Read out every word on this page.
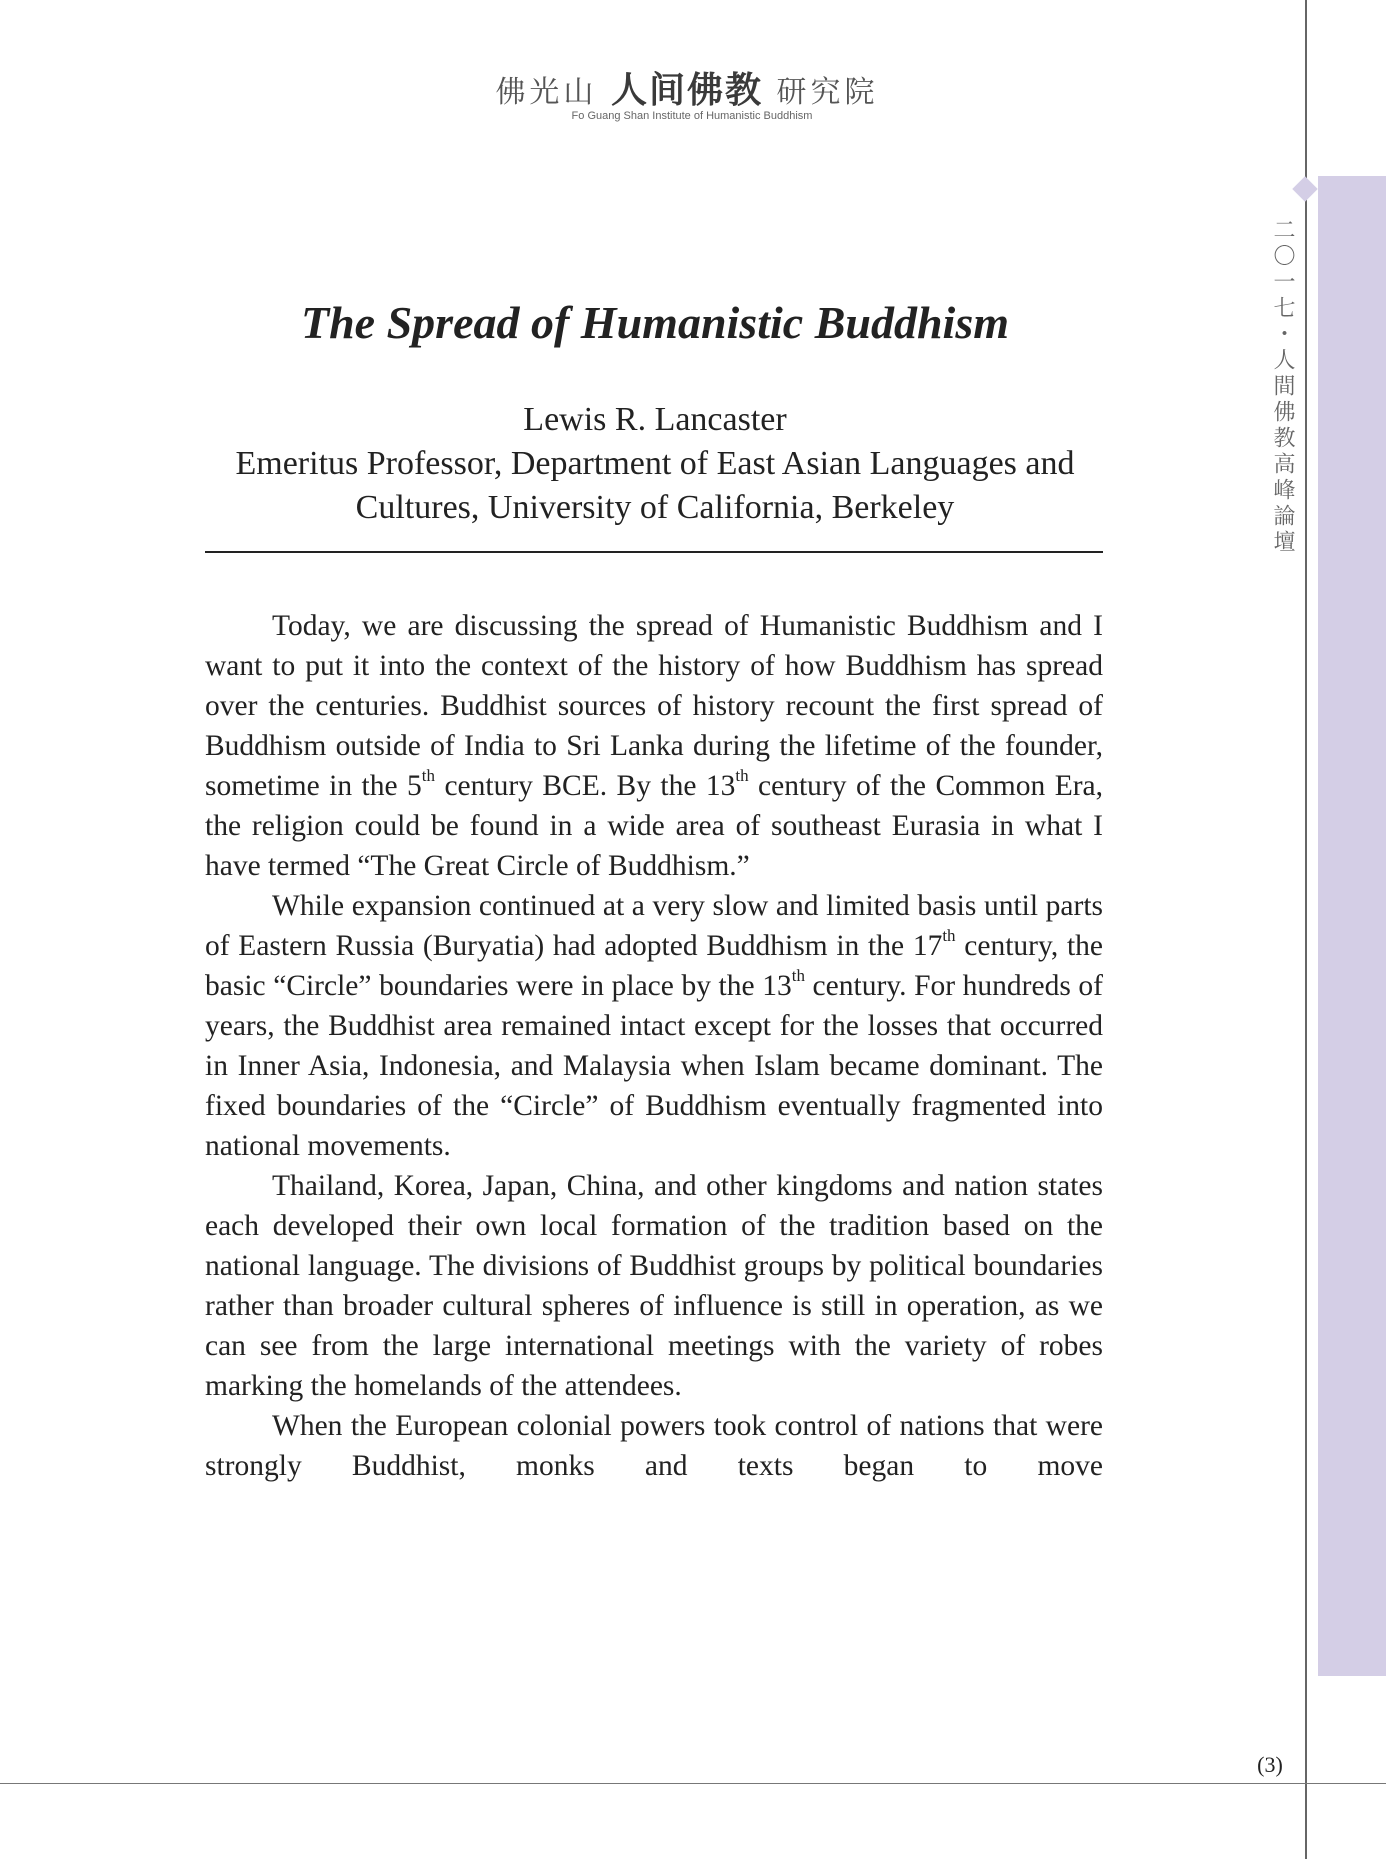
佛光山 人间佛教 研究院
Fo Guang Shan Institute of Humanistic Buddhism
二〇一七・人間佛教高峰論壇
The Spread of Humanistic Buddhism
Lewis R. Lancaster
Emeritus Professor, Department of East Asian Languages and
Cultures, University of California, Berkeley

Today, we are discussing the spread of Humanistic Buddhism and I want to put it into the context of the history of how Buddhism has spread over the centuries. Buddhist sources of history recount the first spread of Buddhism outside of India to Sri Lanka during the lifetime of the founder, sometime in the 5th century BCE. By the 13th century of the Common Era, the religion could be found in a wide area of southeast Eurasia in what I have termed “The Great Circle of Buddhism.”

While expansion continued at a very slow and limited basis until parts of Eastern Russia (Buryatia) had adopted Buddhism in the 17th century, the basic “Circle” boundaries were in place by the 13th century. For hundreds of years, the Buddhist area remained intact except for the losses that occurred in Inner Asia, Indonesia, and Malaysia when Islam became dominant. The fixed boundaries of the “Circle” of Buddhism eventually fragmented into national movements.

Thailand, Korea, Japan, China, and other kingdoms and nation states each developed their own local formation of the tradition based on the national language. The divisions of Buddhist groups by political boundaries rather than broader cultural spheres of influence is still in operation, as we can see from the large international meetings with the variety of robes marking the homelands of the attendees.

When the European colonial powers took control of nations that were strongly Buddhist, monks and texts began to move

(3)
